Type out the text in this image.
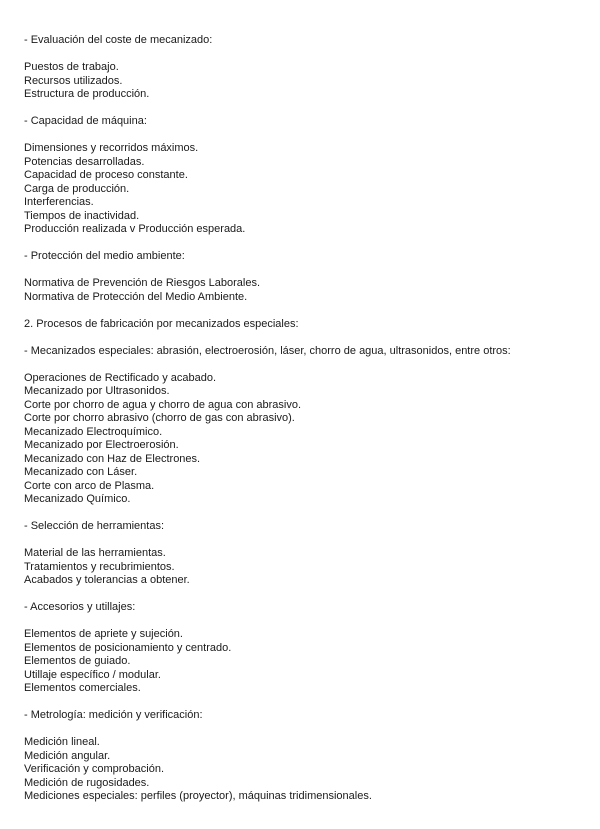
- Evaluación del coste de mecanizado:
Puestos de trabajo.
Recursos utilizados.
Estructura de producción.
- Capacidad de máquina:
Dimensiones y recorridos máximos.
Potencias desarrolladas.
Capacidad de proceso constante.
Carga de producción.
Interferencias.
Tiempos de inactividad.
Producción realizada v Producción esperada.
- Protección del medio ambiente:
Normativa de Prevención de Riesgos Laborales.
Normativa de Protección del Medio Ambiente.
2. Procesos de fabricación por mecanizados especiales:
- Mecanizados especiales: abrasión, electroerosión, láser, chorro de agua, ultrasonidos, entre otros:
Operaciones de Rectificado y acabado.
Mecanizado por Ultrasonidos.
Corte por chorro de agua y chorro de agua con abrasivo.
Corte por chorro abrasivo (chorro de gas con abrasivo).
Mecanizado Electroquímico.
Mecanizado por Electroerosión.
Mecanizado con Haz de Electrones.
Mecanizado con Láser.
Corte con arco de Plasma.
Mecanizado Químico.
- Selección de herramientas:
Material de las herramientas.
Tratamientos y recubrimientos.
Acabados y tolerancias a obtener.
- Accesorios y utillajes:
Elementos de apriete y sujeción.
Elementos de posicionamiento y centrado.
Elementos de guiado.
Utillaje específico / modular.
Elementos comerciales.
- Metrología: medición y verificación:
Medición lineal.
Medición angular.
Verificación y comprobación.
Medición de rugosidades.
Mediciones especiales: perfiles (proyector), máquinas tridimensionales.
